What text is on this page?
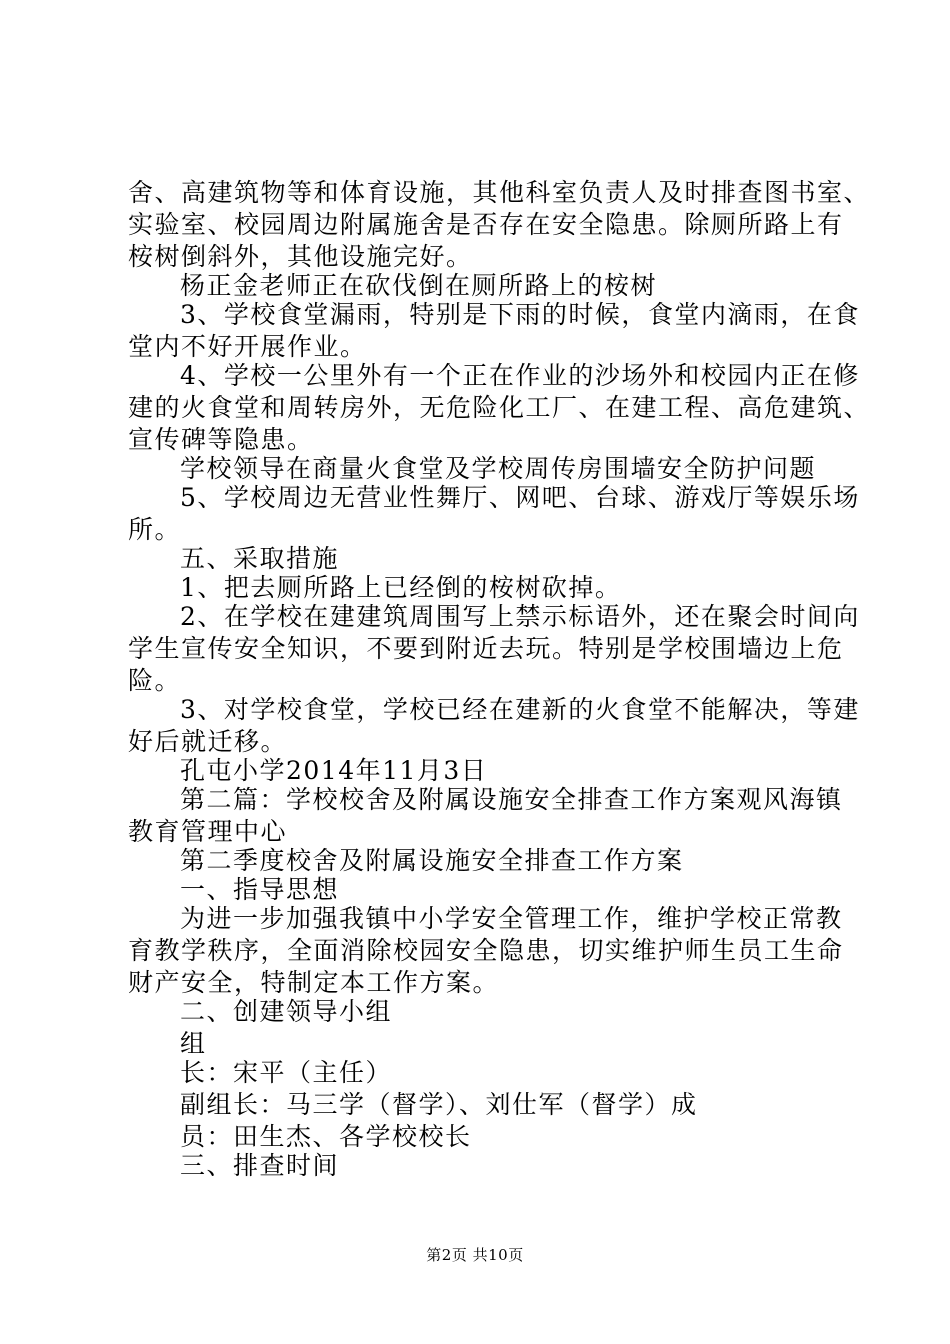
舍、高建筑物等和体育设施，其他科室负责人及时排查图书室、
实验室、校园周边附属施舍是否存在安全隐患。除厕所路上有
桉树倒斜外，其他设施完好。
杨正金老师正在砍伐倒在厕所路上的桉树
3、学校食堂漏雨，特别是下雨的时候，食堂内滴雨，在食
堂内不好开展作业。
4、学校一公里外有一个正在作业的沙场外和校园内正在修
建的火食堂和周转房外，无危险化工厂、在建工程、高危建筑、
宣传碑等隐患。
学校领导在商量火食堂及学校周传房围墙安全防护问题
5、学校周边无营业性舞厅、网吧、台球、游戏厅等娱乐场
所。
五、采取措施
1、把去厕所路上已经倒的桉树砍掉。
2、在学校在建建筑周围写上禁示标语外，还在聚会时间向
学生宣传安全知识，不要到附近去玩。特别是学校围墙边上危
险。
3、对学校食堂，学校已经在建新的火食堂不能解决，等建
好后就迁移。
孔屯小学2014年11月3日
第二篇：学校校舍及附属设施安全排查工作方案观风海镇
教育管理中心
第二季度校舍及附属设施安全排查工作方案
一、指导思想
为进一步加强我镇中小学安全管理工作，维护学校正常教
育教学秩序，全面消除校园安全隐患，切实维护师生员工生命
财产安全，特制定本工作方案。
二、创建领导小组
组
长：宋平（主任）
副组长：马三学（督学）、刘仕军（督学）成
员：田生杰、各学校校长
三、排查时间
第2页 共10页
